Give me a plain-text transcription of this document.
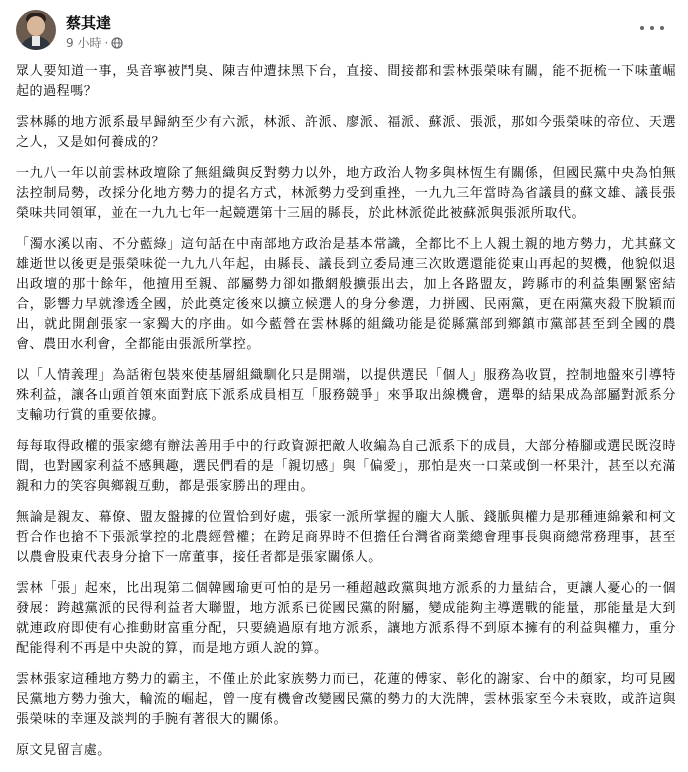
蔡其達
9 小時 ·

眾人要知道一事，吳音寧被鬥臭、陳吉仲遭抹黑下台，直接、間接都和雲林張榮味有關，能不扼梳一下味董崛起的過程嗎？

雲林縣的地方派系最早歸納至少有六派，林派、許派、廖派、福派、蘇派、張派，那如今張榮味的帝位、天選之人，又是如何養成的？

一九八一年以前雲林政壇除了無組織與反對勢力以外，地方政治人物多與林恆生有關係，但國民黨中央為怕無法控制局勢，改採分化地方勢力的提名方式，林派勢力受到重挫，一九九三年當時為省議員的蘇文雄、議長張榮味共同領軍，並在一九九七年一起競選第十三屆的縣長，於此林派從此被蘇派與張派所取代。

「濁水溪以南、不分藍綠」這句話在中南部地方政治是基本常識，全都比不上人親土親的地方勢力，尤其蘇文雄逝世以後更是張榮味從一九九八年起，由縣長、議長到立委局連三次敗選還能從東山再起的契機，他貌似退出政壇的那十餘年，他擅用至親、部屬勢力卻如撒網般擴張出去，加上各路盟友，跨縣市的利益集團緊密結合，影響力早就滲透全國，於此奠定後來以擴立候選人的身分參選，力拼國、民兩黨，更在兩黨夾殺下脫穎而出，就此開創張家一家獨大的序曲。如今藍營在雲林縣的組織功能是從縣黨部到鄉鎮市黨部甚至到全國的農會、農田水利會，全都能由張派所掌控。

以「人情義理」為話術包裝來使基層組織馴化只是開端，以提供選民「個人」服務為收買，控制地盤來引導特殊利益，讓各山頭首領來面對底下派系成員相互「服務競爭」來爭取出線機會，選舉的結果成為部屬對派系分支輸功行賞的重要依據。

每每取得政權的張家總有辦法善用手中的行政資源把敵人收編為自己派系下的成員，大部分椿腳或選民既沒時間，也對國家利益不感興趣，選民們看的是「親切感」與「偏愛」，那怕是夾一口菜或倒一杯果汁，甚至以充滿親和力的笑容與鄉親互動，都是張家勝出的理由。

無論是親友、幕僚、盟友盤據的位置恰到好處，張家一派所掌握的龐大人脈、錢脈與權力是那種連綿縈和柯文哲合作也搶不下張派掌控的北農經營權；在跨足商界時不但擔任台灣省商業總會理事長與商總常務理事，甚至以農會股東代表身分搶下一席董事，接任者都是張家關係人。

雲林「張」起來，比出現第二個韓國瑜更可怕的是另一種超越政黨與地方派系的力量結合，更讓人憂心的一個發展：跨越黨派的民得利益者大聯盟，地方派系已從國民黨的附屬，變成能夠主導選戰的能量，那能量是大到就連政府即使有心推動財富重分配，只要繞過原有地方派系，讓地方派系得不到原本擁有的利益與權力，重分配能得利不再是中央說的算，而是地方頭人說的算。

雲林張家這種地方勢力的霸主，不僅止於此家族勢力而已，花蓮的傅家、彰化的謝家、台中的顏家，均可見國民黨地方勢力強大，輪流的崛起，曾一度有機會改變國民黨的勢力的大洗牌，雲林張家至今未衰敗，或許這與張榮味的幸運及談判的手腕有著很大的關係。

原文見留言處。
